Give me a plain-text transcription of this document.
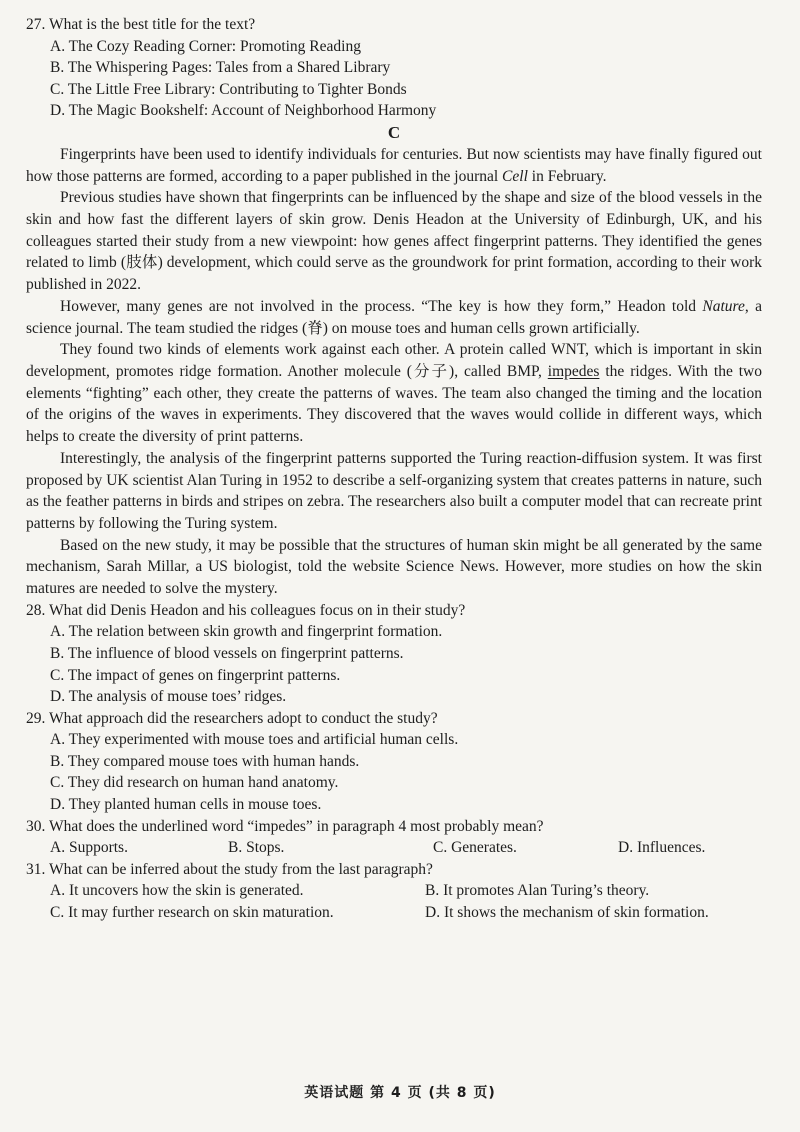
27. What is the best title for the text?

A. The Cozy Reading Corner: Promoting Reading

B. The Whispering Pages: Tales from a Shared Library

C. The Little Free Library: Contributing to Tighter Bonds

D. The Magic Bookshelf: Account of Neighborhood Harmony

C

Fingerprints have been used to identify individuals for centuries. But now scientists may have finally figured out how those patterns are formed, according to a paper published in the journal Cell in February.

Previous studies have shown that fingerprints can be influenced by the shape and size of the blood vessels in the skin and how fast the different layers of skin grow. Denis Headon at the University of Edinburgh, UK, and his colleagues started their study from a new viewpoint: how genes affect fingerprint patterns. They identified the genes related to limb (肢体) development, which could serve as the groundwork for print formation, according to their work published in 2022.

However, many genes are not involved in the process. “The key is how they form,” Headon told Nature, a science journal. The team studied the ridges (脊) on mouse toes and human cells grown artificially.

They found two kinds of elements work against each other. A protein called WNT, which is important in skin development, promotes ridge formation. Another molecule (分子), called BMP, impedes the ridges. With the two elements “fighting” each other, they create the patterns of waves. The team also changed the timing and the location of the origins of the waves in experiments. They discovered that the waves would collide in different ways, which helps to create the diversity of print patterns.

Interestingly, the analysis of the fingerprint patterns supported the Turing reaction-diffusion system. It was first proposed by UK scientist Alan Turing in 1952 to describe a self-organizing system that creates patterns in nature, such as the feather patterns in birds and stripes on zebra. The researchers also built a computer model that can recreate print patterns by following the Turing system.

Based on the new study, it may be possible that the structures of human skin might be all generated by the same mechanism, Sarah Millar, a US biologist, told the website Science News. However, more studies on how the skin matures are needed to solve the mystery.

28. What did Denis Headon and his colleagues focus on in their study?

A. The relation between skin growth and fingerprint formation.

B. The influence of blood vessels on fingerprint patterns.

C. The impact of genes on fingerprint patterns.

D. The analysis of mouse toes’ ridges.

29. What approach did the researchers adopt to conduct the study?

A. They experimented with mouse toes and artificial human cells.

B. They compared mouse toes with human hands.

C. They did research on human hand anatomy.

D. They planted human cells in mouse toes.

30. What does the underlined word “impedes” in paragraph 4 most probably mean?

A. Supports.	B. Stops.	C. Generates.	D. Influences.

31. What can be inferred about the study from the last paragraph?

A. It uncovers how the skin is generated.	B. It promotes Alan Turing’s theory.
C. It may further research on skin maturation.	D. It shows the mechanism of skin formation.
英语试题 第 4 页 (共 8 页)
